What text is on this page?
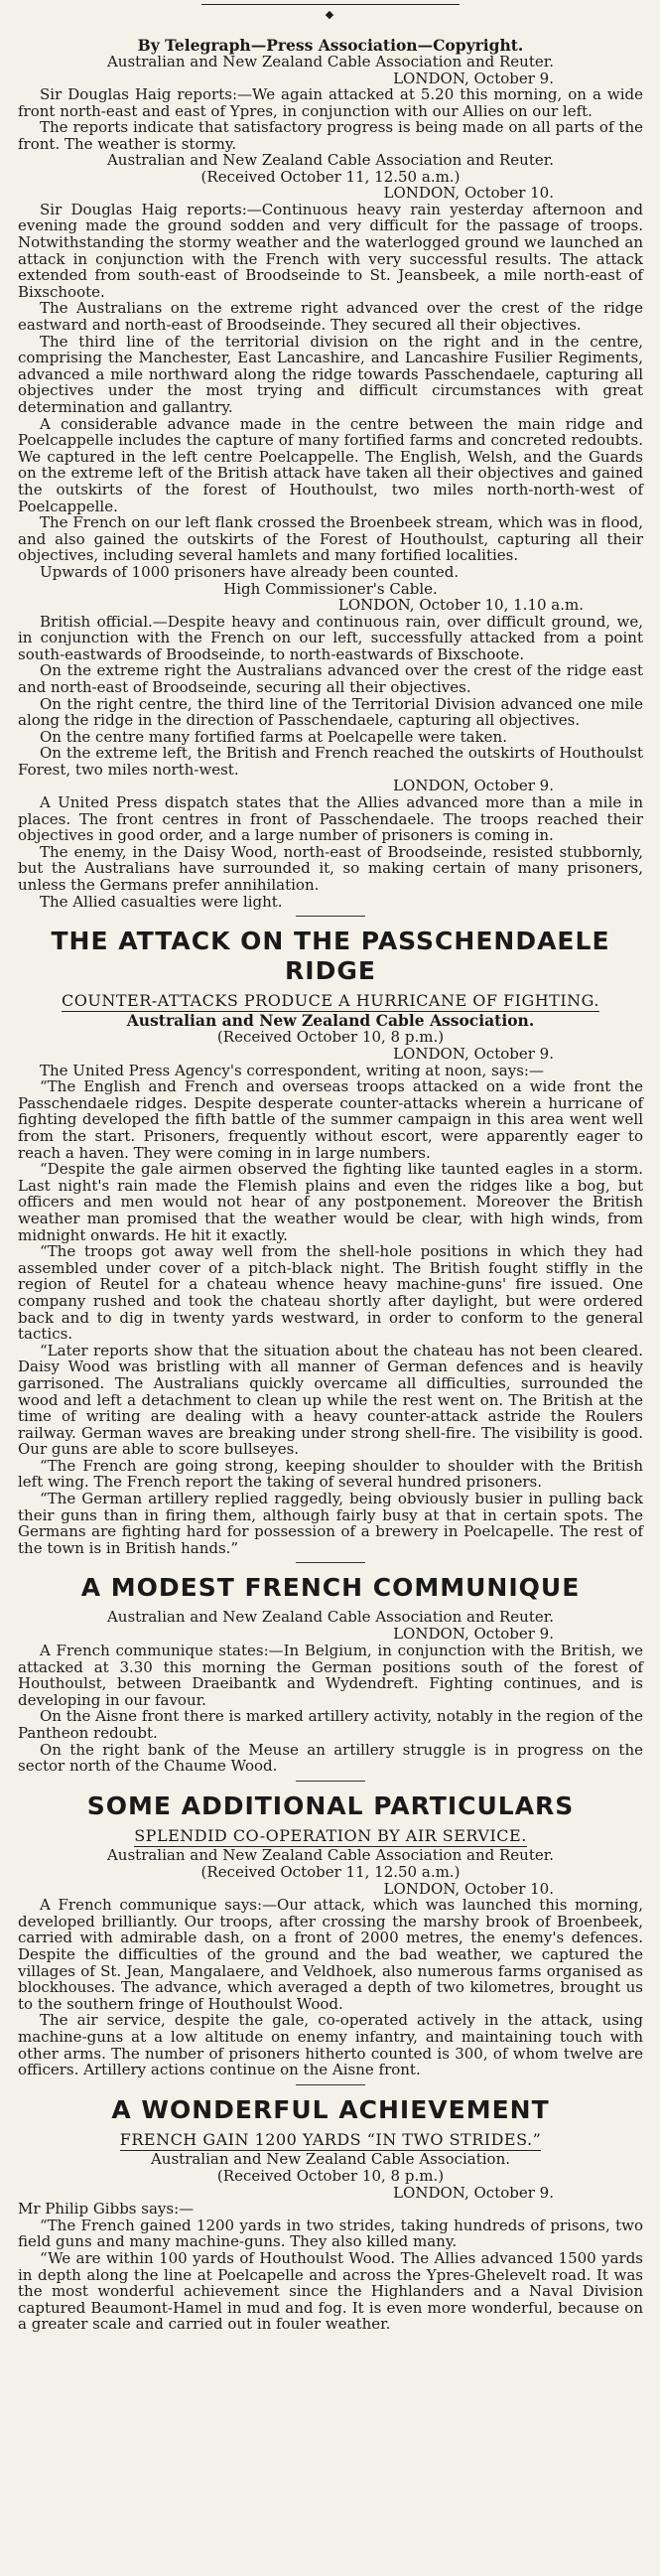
◆
By Telegraph—Press Association—Copyright.
Australian and New Zealand Cable Association and Reuter.
LONDON, October 9.

Sir Douglas Haig reports:—We again attacked at 5.20 this morning, on a wide front north-east and east of Ypres, in conjunction with our Allies on our left.

The reports indicate that satisfactory progress is being made on all parts of the front. The weather is stormy.

Australian and New Zealand Cable Association and Reuter.
(Received October 11, 12.50 a.m.)
LONDON, October 10.

Sir Douglas Haig reports:—Continuous heavy rain yesterday afternoon and evening made the ground sodden and very difficult for the passage of troops. Notwithstanding the stormy weather and the waterlogged ground we launched an attack in conjunction with the French with very successful results. The attack extended from south-east of Broodseinde to St. Jeansbeek, a mile north-east of Bixschoote.

The Australians on the extreme right advanced over the crest of the ridge eastward and north-east of Broodseinde. They secured all their objectives.

The third line of the territorial division on the right and in the centre, comprising the Manchester, East Lancashire, and Lancashire Fusilier Regiments, advanced a mile northward along the ridge towards Passchendaele, capturing all objectives under the most trying and difficult circumstances with great determination and gallantry.

A considerable advance made in the centre between the main ridge and Poelcappelle includes the capture of many fortified farms and concreted redoubts. We captured in the left centre Poelcappelle. The English, Welsh, and the Guards on the extreme left of the British attack have taken all their objectives and gained the outskirts of the forest of Houthoulst, two miles north-north-west of Poelcappelle.

The French on our left flank crossed the Broenbeek stream, which was in flood, and also gained the outskirts of the Forest of Houthoulst, capturing all their objectives, including several hamlets and many fortified localities.

Upwards of 1000 prisoners have already been counted.

High Commissioner's Cable.
LONDON, October 10, 1.10 a.m.

British official.—Despite heavy and continuous rain, over difficult ground, we, in conjunction with the French on our left, successfully attacked from a point south-eastwards of Broodseinde, to north-eastwards of Bixschoote.

On the extreme right the Australians advanced over the crest of the ridge east and north-east of Broodseinde, securing all their objectives.

On the right centre, the third line of the Territorial Division advanced one mile along the ridge in the direction of Passchendaele, capturing all objectives.

On the centre many fortified farms at Poelcapelle were taken.

On the extreme left, the British and French reached the outskirts of Houthoulst Forest, two miles north-west.

LONDON, October 9.

A United Press dispatch states that the Allies advanced more than a mile in places. The front centres in front of Passchendaele. The troops reached their objectives in good order, and a large number of prisoners is coming in.

The enemy, in the Daisy Wood, north-east of Broodseinde, resisted stubbornly, but the Australians have surrounded it, so making certain of many prisoners, unless the Germans prefer annihilation.

The Allied casualties were light.

THE ATTACK ON THE PASSCHENDAELE RIDGE
COUNTER-ATTACKS PRODUCE A HURRICANE OF FIGHTING.
Australian and New Zealand Cable Association.
(Received October 10, 8 p.m.)
LONDON, October 9.

The United Press Agency's correspondent, writing at noon, says:—

“The English and French and overseas troops attacked on a wide front the Passchendaele ridges. Despite desperate counter-attacks wherein a hurricane of fighting developed the fifth battle of the summer campaign in this area went well from the start. Prisoners, frequently without escort, were apparently eager to reach a haven. They were coming in in large numbers.

“Despite the gale airmen observed the fighting like taunted eagles in a storm. Last night's rain made the Flemish plains and even the ridges like a bog, but officers and men would not hear of any postponement. Moreover the British weather man promised that the weather would be clear, with high winds, from midnight onwards. He hit it exactly.

“The troops got away well from the shell-hole positions in which they had assembled under cover of a pitch-black night. The British fought stiffly in the region of Reutel for a chateau whence heavy machine-guns' fire issued. One company rushed and took the chateau shortly after daylight, but were ordered back and to dig in twenty yards westward, in order to conform to the general tactics.

“Later reports show that the situation about the chateau has not been cleared. Daisy Wood was bristling with all manner of German defences and is heavily garrisoned. The Australians quickly overcame all difficulties, surrounded the wood and left a detachment to clean up while the rest went on. The British at the time of writing are dealing with a heavy counter-attack astride the Roulers railway. German waves are breaking under strong shell-fire. The visibility is good. Our guns are able to score bullseyes.

“The French are going strong, keeping shoulder to shoulder with the British left wing. The French report the taking of several hundred prisoners.

“The German artillery replied raggedly, being obviously busier in pulling back their guns than in firing them, although fairly busy at that in certain spots. The Germans are fighting hard for possession of a brewery in Poelcapelle. The rest of the town is in British hands.”

A MODEST FRENCH COMMUNIQUE
Australian and New Zealand Cable Association and Reuter.
LONDON, October 9.

A French communique states:—In Belgium, in conjunction with the British, we attacked at 3.30 this morning the German positions south of the forest of Houthoulst, between Draeibantk and Wydendreft. Fighting continues, and is developing in our favour.

On the Aisne front there is marked artillery activity, notably in the region of the Pantheon redoubt.

On the right bank of the Meuse an artillery struggle is in progress on the sector north of the Chaume Wood.

SOME ADDITIONAL PARTICULARS
SPLENDID CO-OPERATION BY AIR SERVICE.
Australian and New Zealand Cable Association and Reuter.
(Received October 11, 12.50 a.m.)
LONDON, October 10.

A French communique says:—Our attack, which was launched this morning, developed brilliantly. Our troops, after crossing the marshy brook of Broenbeek, carried with admirable dash, on a front of 2000 metres, the enemy's defences. Despite the difficulties of the ground and the bad weather, we captured the villages of St. Jean, Mangalaere, and Veldhoek, also numerous farms organised as blockhouses. The advance, which averaged a depth of two kilometres, brought us to the southern fringe of Houthoulst Wood.

The air service, despite the gale, co-operated actively in the attack, using machine-guns at a low altitude on enemy infantry, and maintaining touch with other arms. The number of prisoners hitherto counted is 300, of whom twelve are officers. Artillery actions continue on the Aisne front.

A WONDERFUL ACHIEVEMENT
FRENCH GAIN 1200 YARDS “IN TWO STRIDES.”
Australian and New Zealand Cable Association.
(Received October 10, 8 p.m.)
LONDON, October 9.

Mr Philip Gibbs says:—

“The French gained 1200 yards in two strides, taking hundreds of prisons, two field guns and many machine-guns. They also killed many.

“We are within 100 yards of Houthoulst Wood. The Allies advanced 1500 yards in depth along the line at Poelcapelle and across the Ypres-Ghelevelt road. It was the most wonderful achievement since the Highlanders and a Naval Division captured Beaumont-Hamel in mud and fog. It is even more wonderful, because on a greater scale and carried out in fouler weather.
